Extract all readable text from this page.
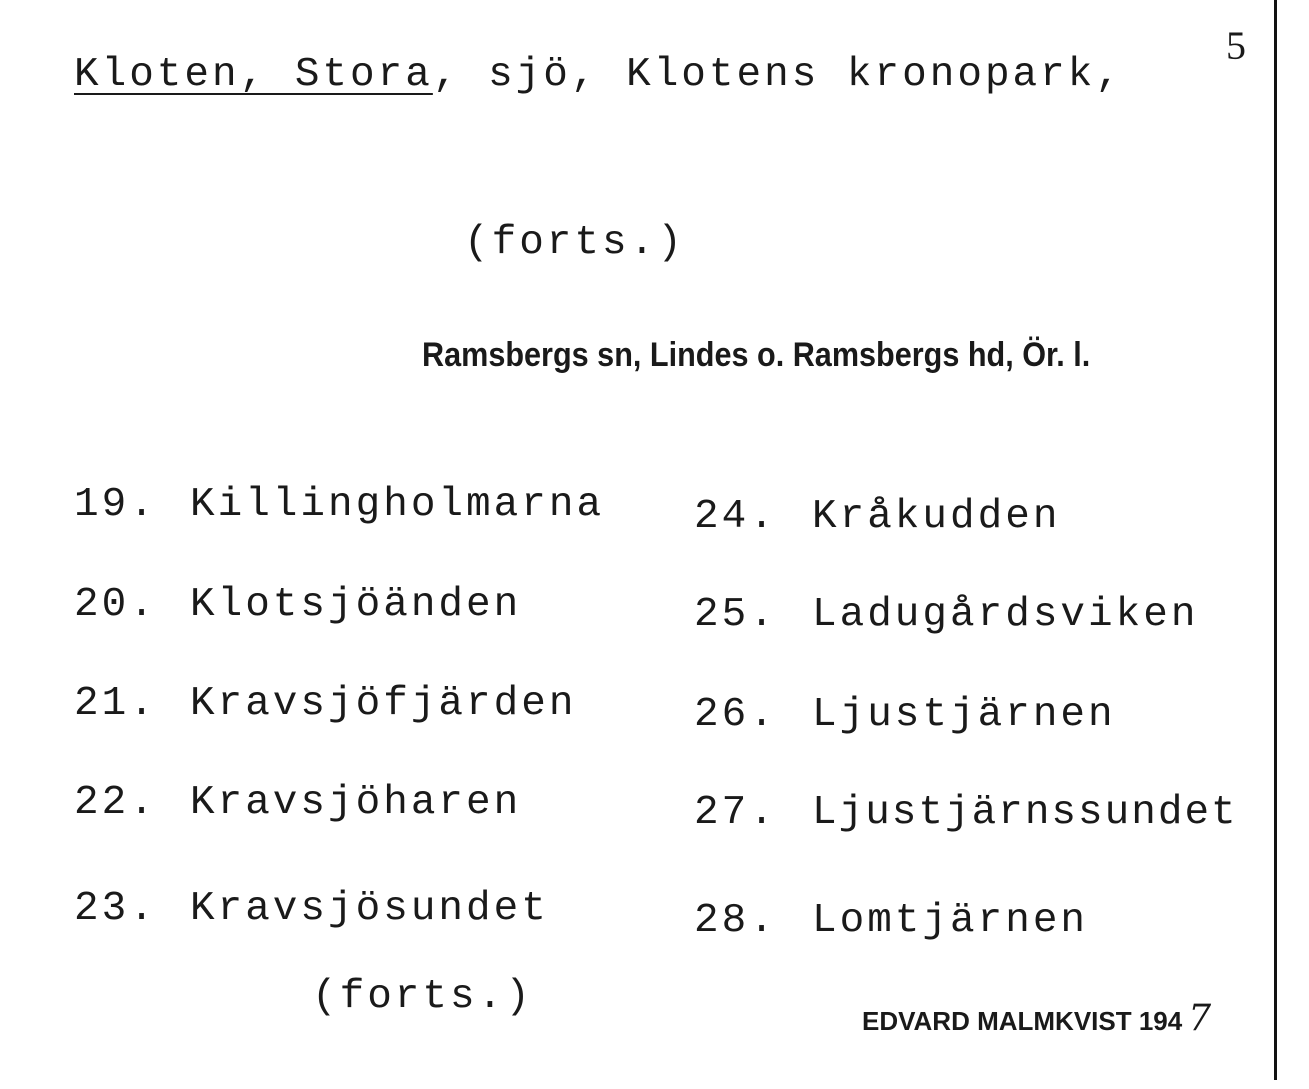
5
Kloten, Stora, sjö, Klotens kronopark,
(forts.)
Ramsbergs sn, Lindes o. Ramsbergs hd, Ör. l.
19. Killingholmarna
20. Klotsjöänden
21. Kravsjöfjärden
22. Kravsjöharen
23. Kravsjösundet
24. Kråkudden
25. Ladugårdsviken
26. Ljustjärnen
27. Ljustjärnssundet
28. Lomtjärnen
(forts.)
EDVARD MALMKVIST 194 7
